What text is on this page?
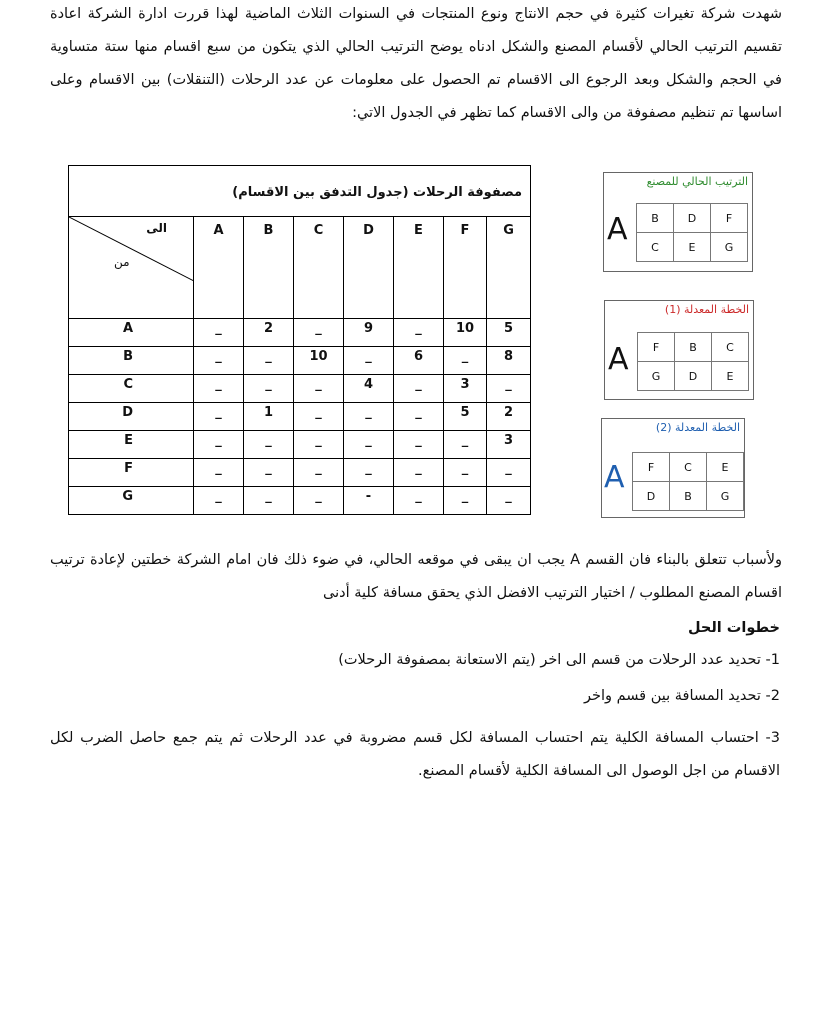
شهدت شركة تغيرات كثيرة في حجم الانتاج ونوع المنتجات في السنوات الثلاث الماضية لهذا قررت ادارة الشركة اعادة تقسيم الترتيب الحالي لأقسام المصنع والشكل ادناه يوضح الترتيب الحالي الذي يتكون من سبع اقسام منها ستة متساوية في الحجم والشكل وبعد الرجوع الى الاقسام تم الحصول على معلومات عن عدد الرحلات (التنقلات) بين الاقسام وعلى اساسها تم تنظيم مصفوفة من والى الاقسام كما تظهر في الجدول الاتي:

مصفوفة الرحلات (جدول التدفق بين الاقسام)							

الى
من	A	B	C	D	E	F	G
A	_	2	_	9	_	10	5
B	_	_	10	_	6	_	8
C	_	_	_	4	_	3	_
D	_	1	_	_	_	5	2
E	_	_	_	_	_	_	3
F	_	_	_	_	_	_	_
G	_	_	_	-	_	_	_
الترتيب الحالي للمصنع
A B	D	F
C	E	G
الخطة المعدلة (1)
A F	B	C
G	D	E
الخطة المعدلة (2)
A F	C	E
D	B	G

ولأسباب تتعلق بالبناء فان القسم A يجب ان يبقى في موقعه الحالي، في ضوء ذلك فان امام الشركة خطتين لإعادة ترتيب اقسام المصنع المطلوب / اختيار الترتيب الافضل الذي يحقق مسافة كلية أدنى

خطوات الحل

1- تحديد عدد الرحلات من قسم الى اخر (يتم الاستعانة بمصفوفة الرحلات)

2- تحديد المسافة بين قسم واخر

3- احتساب المسافة الكلية يتم احتساب المسافة لكل قسم مضروبة في عدد الرحلات ثم يتم جمع حاصل الضرب لكل الاقسام من اجل الوصول الى المسافة الكلية لأقسام المصنع.
